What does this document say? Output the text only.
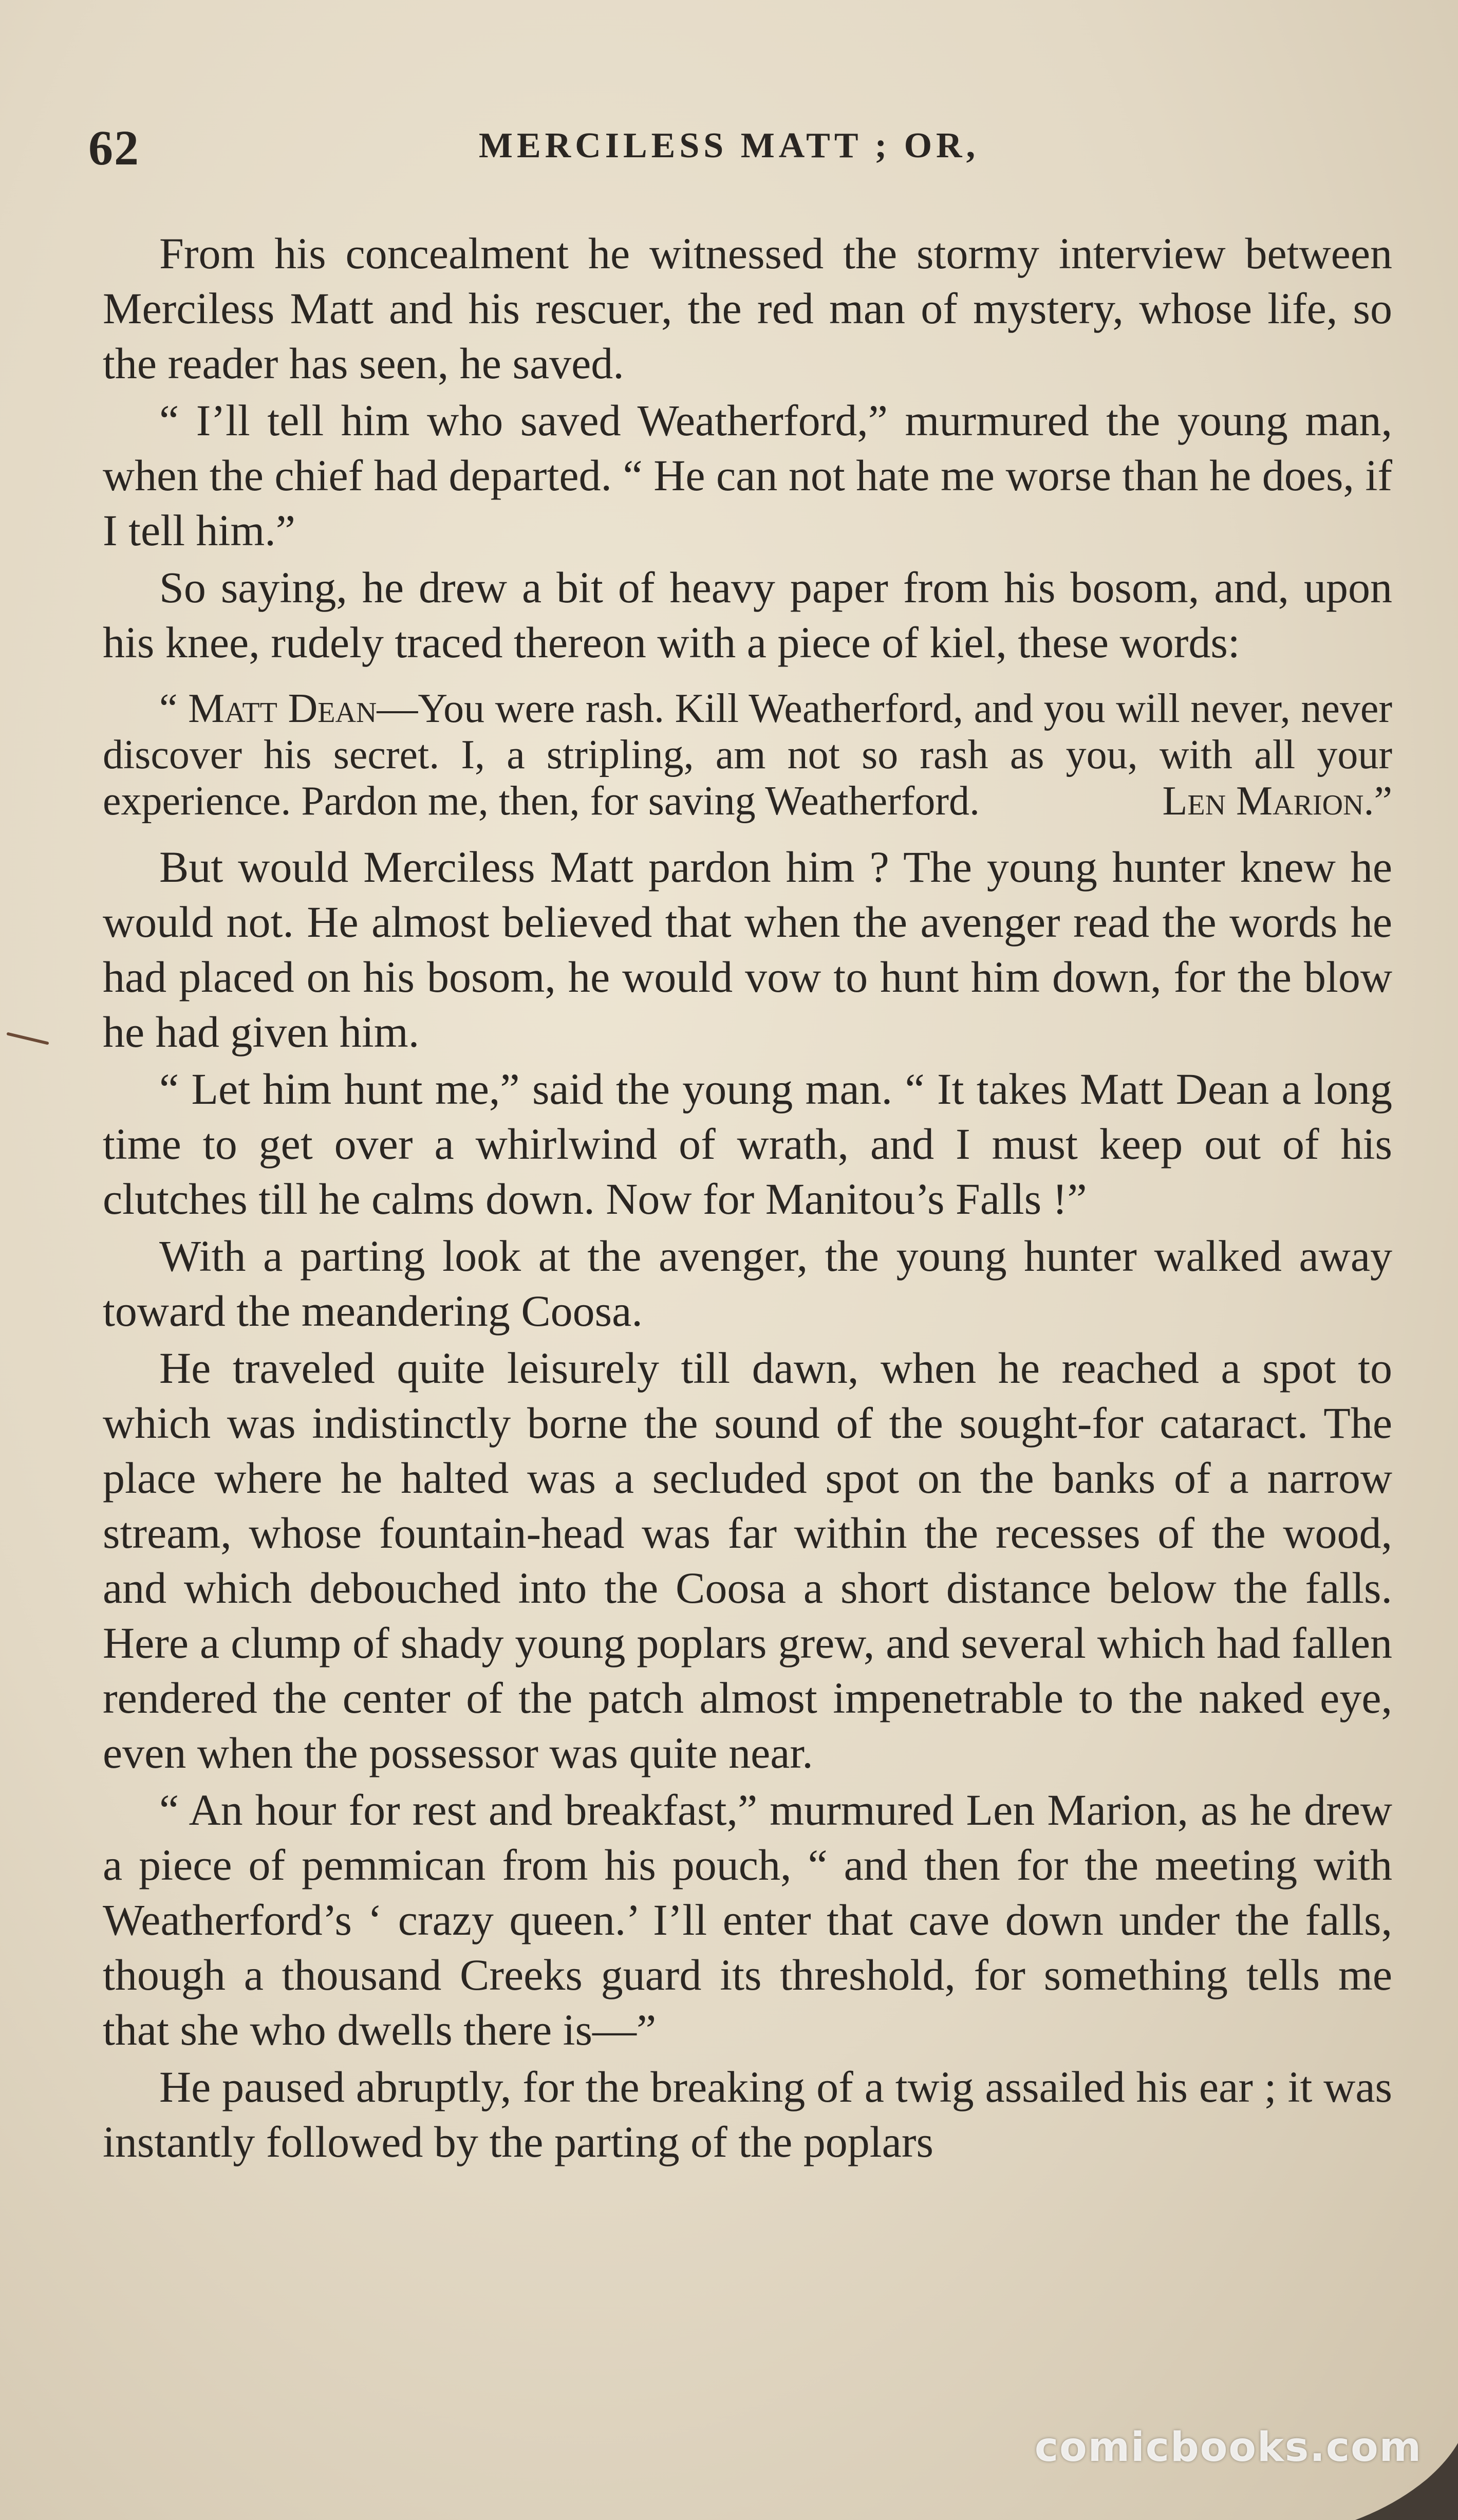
62	MERCILESS MATT ; OR,

From his concealment he witnessed the stormy interview between Merciless Matt and his rescuer, the red man of mystery, whose life, so the reader has seen, he saved.

“ I’ll tell him who saved Weatherford,” murmured the young man, when the chief had departed. “ He can not hate me worse than he does, if I tell him.”

So saying, he drew a bit of heavy paper from his bosom, and, upon his knee, rudely traced thereon with a piece of kiel, these words:

“ Matt Dean—You were rash. Kill Weatherford, and you will never, never discover his secret. I, a stripling, am not so rash as you, with all your experience. Pardon me, then, for saving Weatherford.	Len Marion.”

But would Merciless Matt pardon him ? The young hunter knew he would not. He almost believed that when the avenger read the words he had placed on his bosom, he would vow to hunt him down, for the blow he had given him.

“ Let him hunt me,” said the young man. “ It takes Matt Dean a long time to get over a whirlwind of wrath, and I must keep out of his clutches till he calms down. Now for Manitou’s Falls !”

With a parting look at the avenger, the young hunter walked away toward the meandering Coosa.

He traveled quite leisurely till dawn, when he reached a spot to which was indistinctly borne the sound of the sought-for cataract. The place where he halted was a secluded spot on the banks of a narrow stream, whose fountain-head was far within the recesses of the wood, and which debouched into the Coosa a short distance below the falls. Here a clump of shady young poplars grew, and several which had fallen rendered the center of the patch almost impenetrable to the naked eye, even when the possessor was quite near.

“ An hour for rest and breakfast,” murmured Len Marion, as he drew a piece of pemmican from his pouch, “ and then for the meeting with Weatherford’s ‘ crazy queen.’ I’ll enter that cave down under the falls, though a thousand Creeks guard its threshold, for something tells me that she who dwells there is—”

He paused abruptly, for the breaking of a twig assailed his ear ; it was instantly followed by the parting of the poplars

comicbooks.com
